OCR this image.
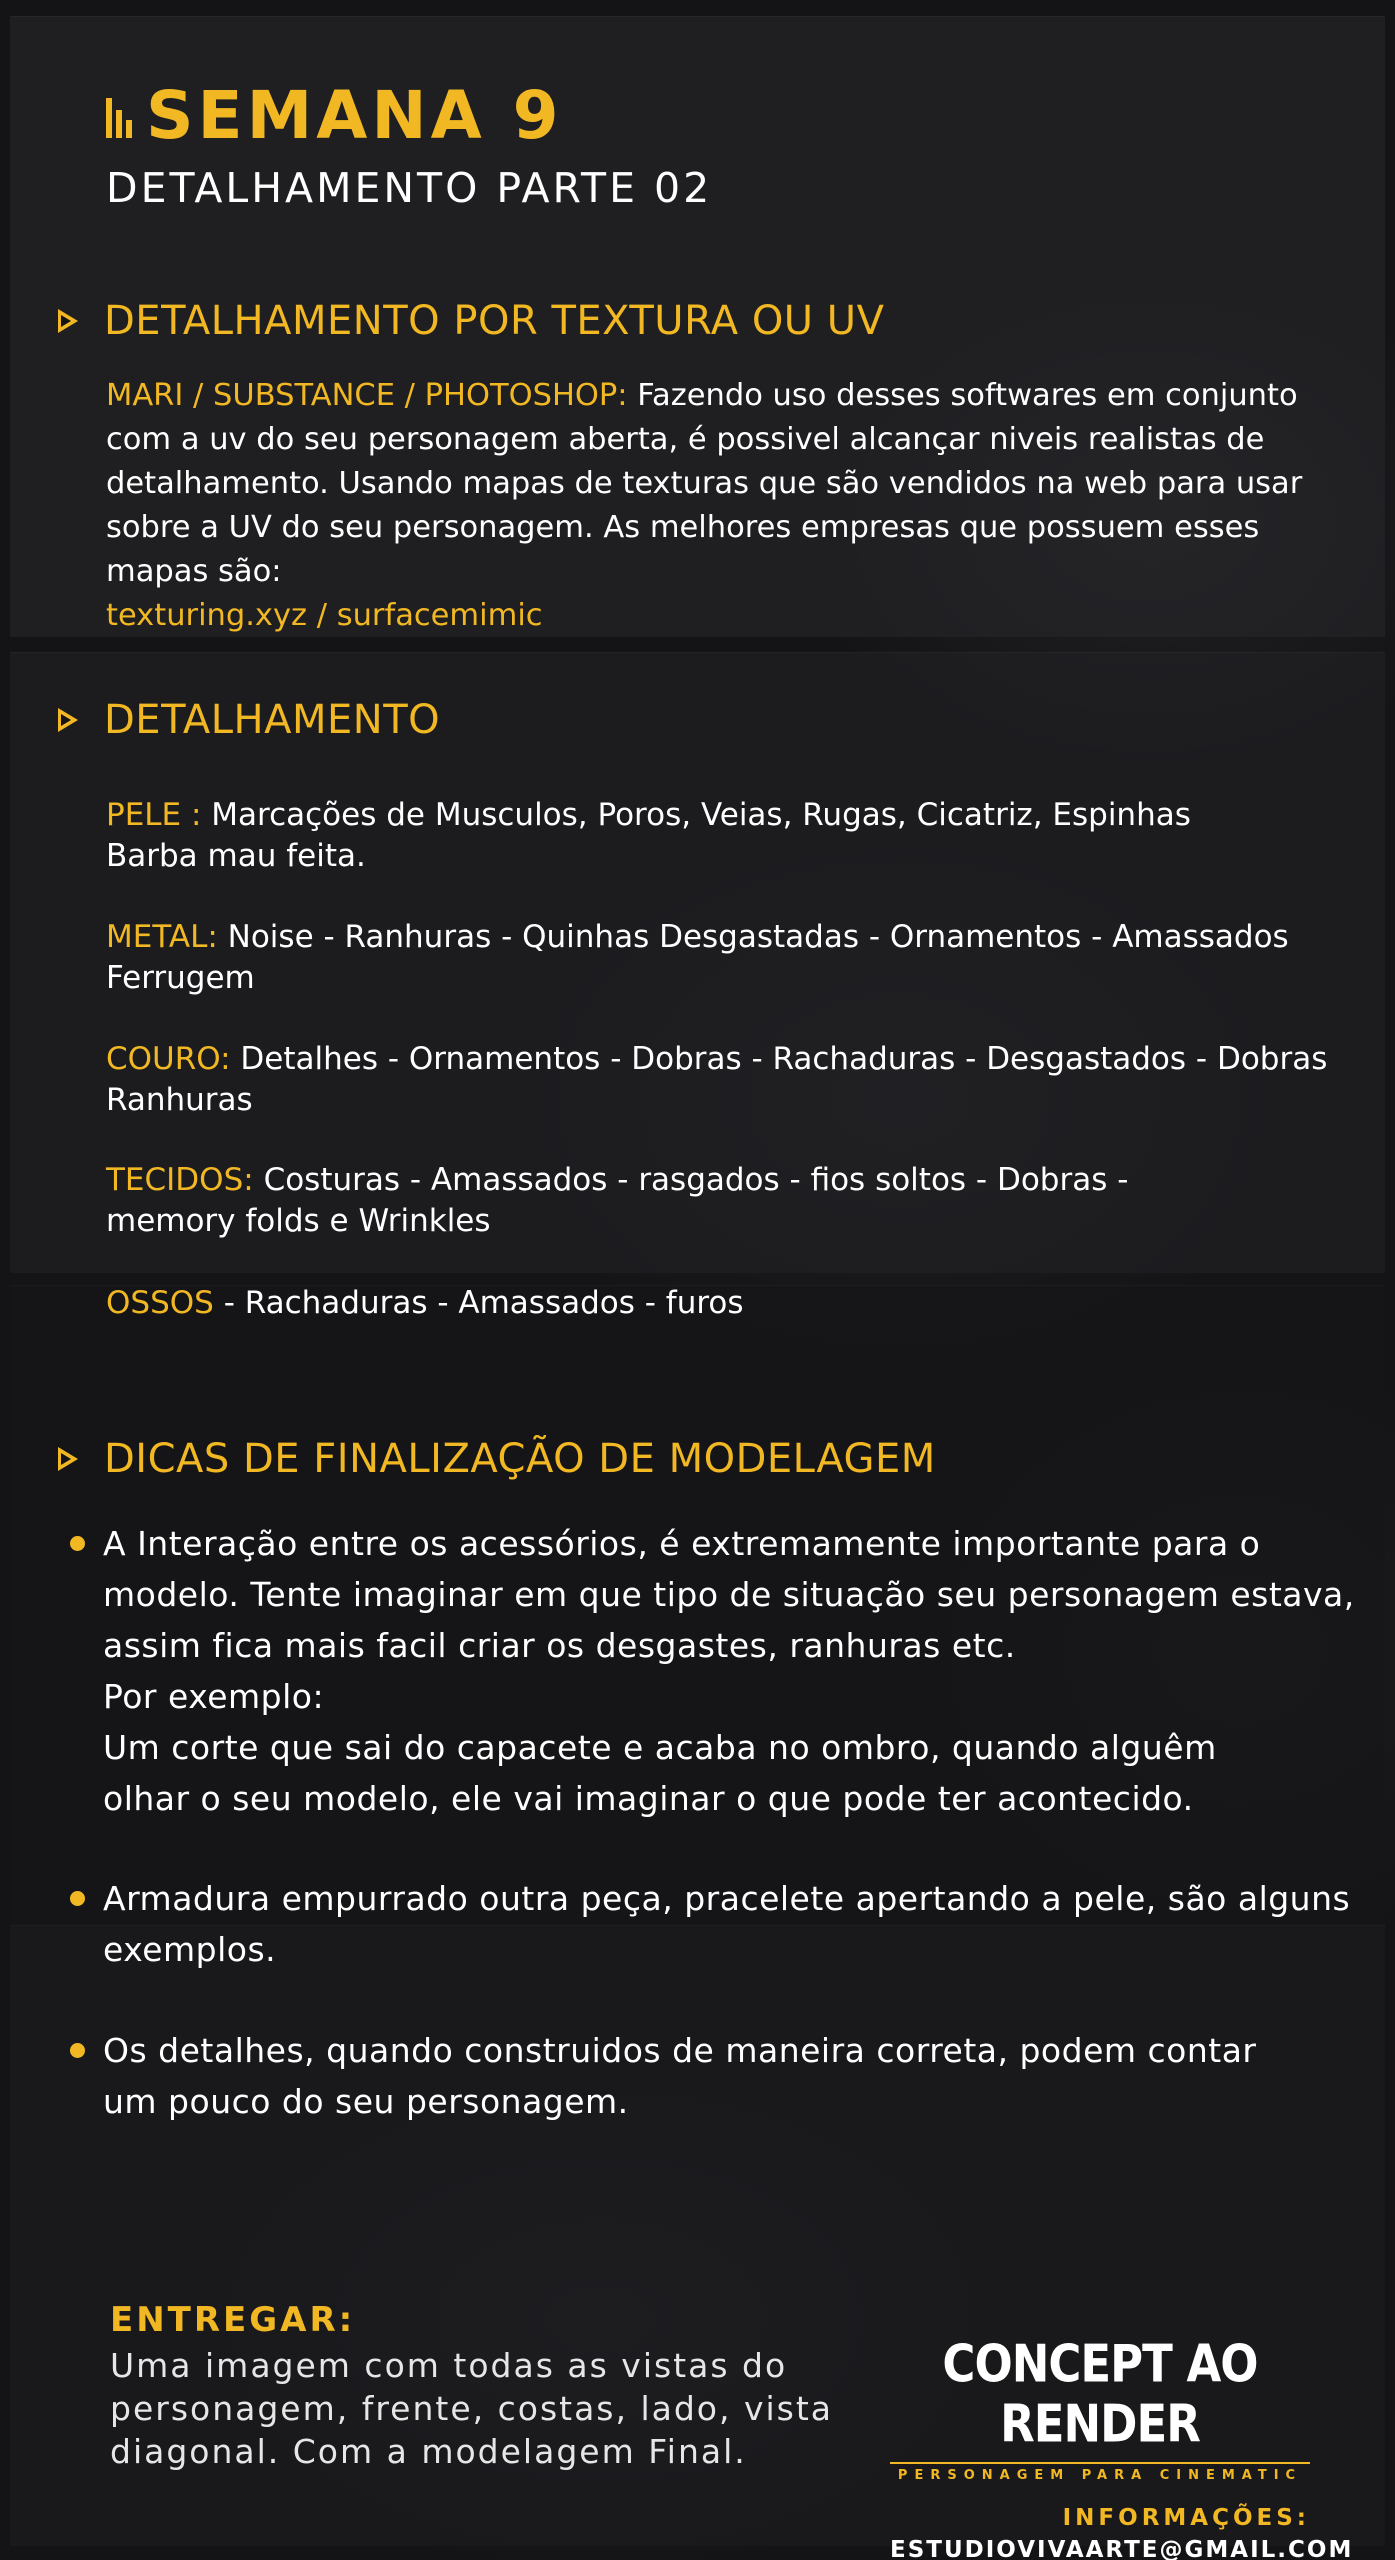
SEMANA 9
DETALHAMENTO PARTE 02
DETALHAMENTO POR TEXTURA OU UV
MARI / SUBSTANCE / PHOTOSHOP: Fazendo uso desses softwares em conjunto com a uv do seu personagem aberta, é possivel alcançar niveis realistas de detalhamento. Usando mapas de texturas que são vendidos na web para usar sobre a UV do seu personagem. As melhores empresas que possuem esses mapas são:
texturing.xyz / surfacemimic
DETALHAMENTO
PELE : Marcações de Musculos, Poros, Veias, Rugas, Cicatriz, Espinhas
Barba mau feita.
METAL: Noise - Ranhuras - Quinhas Desgastadas - Ornamentos - Amassados
Ferrugem
COURO: Detalhes - Ornamentos - Dobras - Rachaduras - Desgastados - Dobras
Ranhuras
TECIDOS: Costuras - Amassados - rasgados - fios soltos - Dobras -
memory folds e Wrinkles
OSSOS - Rachaduras - Amassados - furos
DICAS DE FINALIZAÇÃO DE MODELAGEM
A Interação entre os acessórios, é extremamente importante para o
modelo. Tente imaginar em que tipo de situação seu personagem estava,
assim fica mais facil criar os desgastes, ranhuras etc.
Por exemplo:
Um corte que sai do capacete e acaba no ombro, quando alguêm
olhar o seu modelo, ele vai imaginar o que pode ter acontecido.
Armadura empurrado outra peça, pracelete apertando a pele, são alguns
exemplos.
Os detalhes, quando construidos de maneira correta, podem contar
um pouco do seu personagem.
ENTREGAR:
Uma imagem com todas as vistas do
personagem, frente, costas, lado, vista
diagonal. Com a modelagem Final.
CONCEPT AO RENDER
PERSONAGEM PARA CINEMATIC
INFORMAÇÕES:
ESTUDIOVIVAARTE@GMAIL.COM
